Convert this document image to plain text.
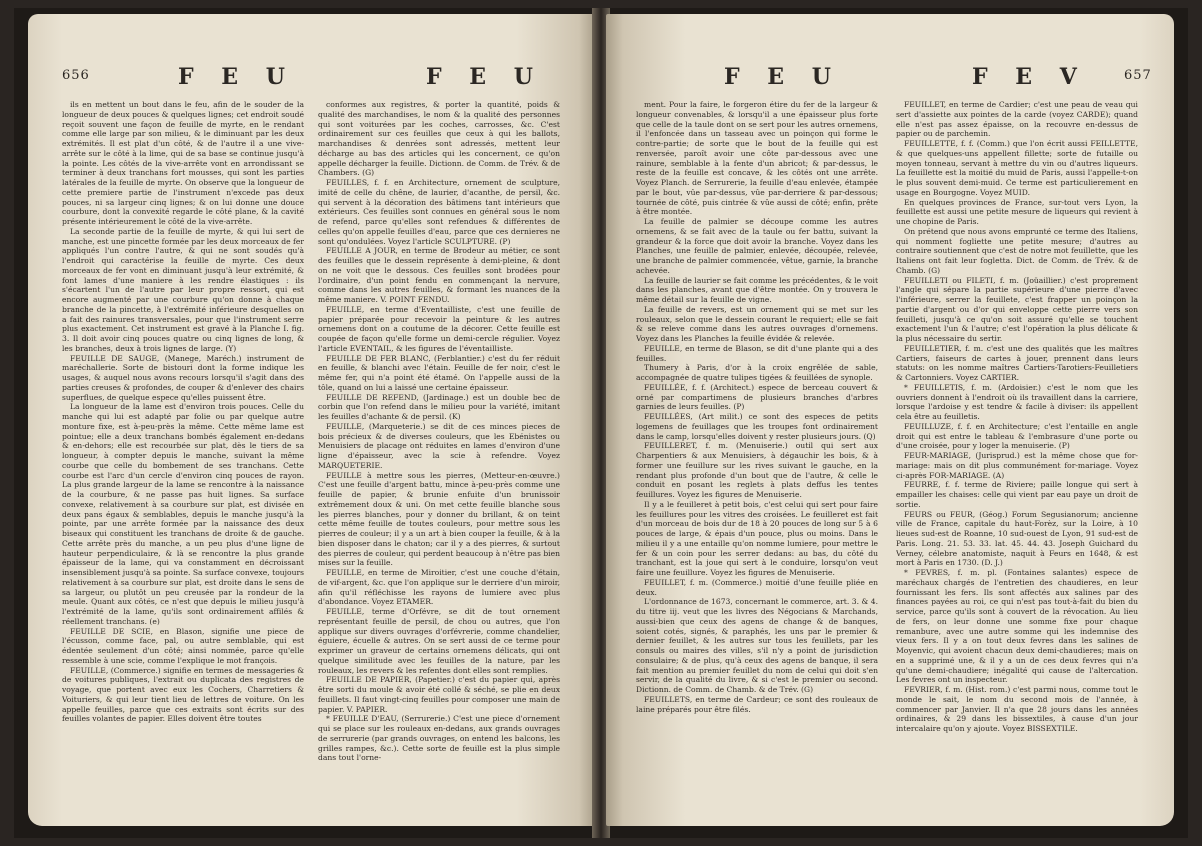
656	F E U	F E U

ils en mettent un bout dans le feu, afin de le souder de la longueur de deux pouces & quelques lignes; cet endroit soudé reçoit souvent une façon de feuille de myrte, en le rendant comme elle large par son milieu, & le diminuant par les deux extrémités. Il est plat d'un côté, & de l'autre il a une vive-arrête sur le côté à la lime, qui de sa base se continue jusqu'à la pointe. Les côtés de la vive-arrête vont en arrondissant se terminer à deux tranchans fort mousses, qui sont les parties latérales de la feuille de myrte. On observe que la longueur de cette premiere partie de l'instrument n'excede pas deux pouces, ni sa largeur cinq lignes; & on lui donne une douce courbure, dont la convexité regarde le côté plane, & la cavité présente intérieurement le côté de la vive-arrête.

La seconde partie de la feuille de myrte, & qui lui sert de manche, est une pincette formée par les deux morceaux de fer appliqués l'un contre l'autre, & qui ne sont soudés qu'à l'endroit qui caractérise la feuille de myrte. Ces deux morceaux de fer vont en diminuant jusqu'à leur extrémité, & font lames d'une maniere à les rendre élastiques : ils s'écartent l'un de l'autre par leur propre ressort, qui est encore augmenté par une courbure qu'on donne à chaque branche de la pincette, à l'extrémité inférieure desquelles on a fait des rainures transversales, pour que l'instrument serre plus exactement. Cet instrument est gravé à la Planche I. fig. 3. Il doit avoir cinq pouces quatre ou cinq lignes de long, & les branches, deux à trois lignes de large. (Y)

FEUILLE DE SAUGE, (Manege, Maréch.) instrument de maréchallerie. Sorte de bistouri dont la forme indique les usages, & auquel nous avons recours lorsqu'il s'agit dans des parties creuses & profondes, de couper & d'enlever des chairs superflues, de quelque espece qu'elles puissent être.

La longueur de la lame est d'environ trois pouces. Celle du manche qui lui est adapté par folie ou par quelque autre monture fixe, est à-peu-près la même. Cette même lame est pointue; elle a deux tranchans bombés également en-dedans & en-dehors; elle est recourbée sur plat, dès le tiers de sa longueur, à compter depuis le manche, suivant la même courbe que celle du bombement de ses tranchans. Cette courbe est l'arc d'un cercle d'environ cinq pouces de rayon. La plus grande largeur de la lame se rencontre à la naissance de la courbure, & ne passe pas huit lignes. Sa surface convexe, relativement à sa courbure sur plat, est divisée en deux pans égaux & semblables, depuis le manche jusqu'à la pointe, par une arrête formée par la naissance des deux biseaux qui constituent les tranchans de droite & de gauche. Cette arrête près du manche, a un peu plus d'une ligne de hauteur perpendiculaire, & là se rencontre la plus grande épaisseur de la lame, qui va constamment en décroissant insensiblement jusqu'à sa pointe. Sa surface convexe, toujours relativement à sa courbure sur plat, est droite dans le sens de sa largeur, ou plutôt un peu creusée par la rondeur de la meule. Quant aux côtés, ce n'est que depuis le milieu jusqu'à l'extrémité de la lame, qu'ils sont ordinairement affilés & réellement tranchans. (e)

FEUILLE DE SCIE, en Blason, signifie une piece de l'écusson, comme face, pal, ou autre semblable, qui est édentée seulement d'un côté; ainsi nommée, parce qu'elle ressemble à une scie, comme l'explique le mot françois.

FEUILLE, (Commerce.) signifie en termes de messageries & de voitures publiques, l'extrait ou duplicata des registres de voyage, que portent avec eux les Cochers, Charretiers & Voituriers, & qui leur tient lieu de lettres de voiture. On les appelle feuilles, parce que ces extraits sont écrits sur des feuilles volantes de papier. Elles doivent être toutes

conformes aux registres, & porter la quantité, poids & qualité des marchandises, le nom & la qualité des personnes qui sont voiturées par les coches, carrosses, &c. C'est ordinairement sur ces feuilles que ceux à qui les ballots, marchandises & denrées sont adressés, mettent leur décharge au bas des articles qui les concernent, ce qu'on appelle décharger la feuille. Dictionn. de Comm. de Trév. & de Chambers. (G)

FEUILLES, f. f. en Architecture, ornement de sculpture, imité de celle du chêne, de laurier, d'acanthe, de persil, &c. qui servent à la décoration des bâtimens tant intérieurs que extérieurs. Ces feuilles sont connues en général sous le nom de refend, parce qu'elles sont refendues & différentes de celles qu'on appelle feuilles d'eau, parce que ces dernieres ne sont qu'ondulées. Voyez l'article SCULPTURE. (P)

FEUILLE A JOUR, en terme de Brodeur au métier, ce sont des feuilles que le dessein représente à demi-pleine, & dont on ne voit que le dessous. Ces feuilles sont brodées pour l'ordinaire, d'un point fendu en commençant la nervure, comme dans les autres feuilles, & formant les nuances de la même maniere. V. POINT FENDU.

FEUILLE, en terme d'Eventailliste, c'est une feuille de papier préparée pour recevoir la peinture & les autres ornemens dont on a coutume de la décorer. Cette feuille est coupée de façon qu'elle forme un demi-cercle régulier. Voyez l'article EVENTAIL, & les figures de l'éventailliste.

FEUILLE DE FER BLANC, (Ferblantier.) c'est du fer réduit en feuille, & blanchi avec l'étain. Feuille de fer noir, c'est le même fer, qui n'a point été étamé. On l'appelle aussi de la tôle, quand on lui a laissé une certaine épaisseur.

FEUILLE DE REFEND, (Jardinage.) est un double bec de corbin que l'on refend dans le milieu pour la variété, imitant les feuilles d'achante & de persil. (K)

FEUILLE, (Marqueterie.) se dit de ces minces pieces de bois précieux & de diverses couleurs, que les Ebénistes ou Menuisiers de placage ont réduites en lames d'environ d'une ligne d'épaisseur, avec la scie à refendre. Voyez MARQUETERIE.

FEUILLE à mettre sous les pierres, (Metteur-en-œuvre.) C'est une feuille d'argent battu, mince à-peu-près comme une feuille de papier, & brunie enfuite d'un brunissoir extrêmement doux & uni. On met cette feuille blanche sous les pierres blanches, pour y donner du brillant, & on teint cette même feuille de toutes couleurs, pour mettre sous les pierres de couleur; il y a un art à bien couper la feuille, & à la bien disposer dans le chaton; car il y a des pierres, & surtout des pierres de couleur, qui perdent beaucoup à n'être pas bien mises sur la feuille.

FEUILLE, en terme de Miroitier, c'est une couche d'étain, de vif-argent, &c. que l'on applique sur le derriere d'un miroir, afin qu'il réfléchisse les rayons de lumiere avec plus d'abondance. Voyez ETAMER.

FEUILLE, terme d'Orfévre, se dit de tout ornement représentant feuille de persil, de chou ou autres, que l'on applique sur divers ouvrages d'orfévrerie, comme chandelier, éguiere, écuelle & autres. On se sert aussi de ce terme pour exprimer un graveur de certains ornemens délicats, qui ont quelque similitude avec les feuilles de la nature, par les rouleaux, les revers & les refentes dont elles sont remplies.

FEUILLE DE PAPIER, (Papetier.) c'est du papier qui, après être sorti du moule & avoir été collé & séché, se plie en deux feuillets. Il faut vingt-cinq feuilles pour composer une main de papier. V. PAPIER.

* FEUILLE D'EAU, (Serrurerie.) C'est une piece d'ornement qui se place sur les rouleaux en-dedans, aux grands ouvrages de serrurerie (par grands ouvrages, on entend les balcons, les grilles rampes, &c.). Cette sorte de feuille est la plus simple dans tout l'orne-

F E U	F E V	657

ment. Pour la faire, le forgeron étire du fer de la largeur & longueur convenables, & lorsqu'il a une épaisseur plus forte que celle de la taule dont on se sert pour les autres ornemens, il l'enfoncée dans un tasseau avec un poinçon qui forme le contre-partie; de sorte que le bout de la feuille qui est renversée, paroît avoir une côte par-dessous avec une rainure, semblable à la fente d'un abricot; & par-dessus, le reste de la feuille est concave, & les côtés ont une arrête. Voyez Planch. de Serrurerie, la feuille d'eau enlevée, étampée par le bout, vûe par-dessus, vûe par-derriere & par-dessous; tournée de côté, puis cintrée & vûe aussi de côté; enfin, prête à être montée.

La feuille de palmier se découpe comme les autres ornemens, & se fait avec de la taule ou fer battu, suivant la grandeur & la force que doit avoir la branche. Voyez dans les Planches, une feuille de palmier, enlevée, découpée, relevée, une branche de palmier commencée, vêtue, garnie, la branche achevée.

La feuille de laurier se fait comme les précédentes, & le voit dans les planches, avant que d'être montée. On y trouvera le même détail sur la feuille de vigne.

La feuille de revers, est un ornement qui se met sur les rouleaux, selon que le dessein courant le requiert; elle se fait & se releve comme dans les autres ouvrages d'ornemens. Voyez dans les Planches la feuille évidée & relevée.

FEUILLE, en terme de Blason, se dit d'une plante qui a des feuilles.

Thumery à Paris, d'or à la croix engrêlée de sable, accompagnée de quatre tulipes tigées & feuillées de synople.

FEUILLÉE, f. f. (Architect.) espece de berceau couvert & orné par compartimens de plusieurs branches d'arbres garnies de leurs feuilles. (P)

FEUILLÉES, (Art milit.) ce sont des especes de petits logemens de feuillages que les troupes font ordinairement dans le camp, lorsqu'elles doivent y rester plusieurs jours. (Q)

FEUILLERET, f. m. (Menuiserie.) outil qui sert aux Charpentiers & aux Menuisiers, à dégauchir les bois, & à former une feuillure sur les rives suivant le gauche, en la rendant plus profonde d'un bout que de l'autre, & celle le conduit en posant les reglets à plats deffus les tentes feuillures. Voyez les figures de Menuiserie.

Il y a le feuilleret à petit bois, c'est celui qui sert pour faire les feuillures pour les vitres des croisées. Le feuilleret est fait d'un morceau de bois dur de 18 à 20 pouces de long sur 5 à 6 pouces de large, & épais d'un pouce, plus ou moins. Dans le milieu il y a une entaille qu'on nomme lumiere, pour mettre le fer & un coin pour les serrer dedans: au bas, du côté du tranchant, est la joue qui sert à le conduire, lorsqu'on veut faire une feuillure. Voyez les figures de Menuiserie.

FEUILLET, f. m. (Commerce.) moitié d'une feuille pliée en deux.

L'ordonnance de 1673, concernant le commerce, art. 3. & 4. du titre iij. veut que les livres des Négocians & Marchands, aussi-bien que ceux des agens de change & de banques, soient cotés, signés, & paraphés, les uns par le premier & dernier feuillet, & les autres sur tous les feuillets, par les consuls ou maires des villes, s'il n'y a point de jurisdiction consulaire; & de plus, qu'à ceux des agens de banque, il sera fait mention au premier feuillet du nom de celui qui doit s'en servir, de la qualité du livre, & si c'est le premier ou second. Dictionn. de Comm. de Chamb. & de Trév. (G)

FEUILLETS, en terme de Cardeur; ce sont des rouleaux de laine préparés pour être filés.

FEUILLET, en terme de Cardier; c'est une peau de veau qui sert d'assiette aux pointes de la carde (voyez CARDE); quand elle n'est pas assez épaisse, on la recouvre en-dessus de papier ou de parchemin.

FEUILLETTE, f. f. (Comm.) que l'on écrit aussi FEILLETTE, & que quelques-uns appellent fillette; sorte de futaille ou moyen tonneau, servant à mettre du vin ou d'autres liqueurs. La feuillette est la moitié du muid de Paris, aussi l'appelle-t-on le plus souvent demi-muid. Ce terme est particulierement en usage en Bourgogne. Voyez MUID.

En quelques provinces de France, sur-tout vers Lyon, la feuillette est aussi une petite mesure de liqueurs qui revient à une chopine de Paris.

On prétend que nous avons emprunté ce terme des Italiens, qui nomment fogliette une petite mesure; d'autres au contraire soutiennent que c'est de notre mot feuillette, que les Italiens ont fait leur fogletta. Dict. de Comm. de Trév. & de Chamb. (G)

FEUILLETI ou FILETI, f. m. (Joüaillier.) c'est proprement l'angle qui sépare la partie supérieure d'une pierre d'avec l'inférieure, serrer la feuillete, c'est frapper un poinçon la partie d'argent ou d'or qui enveloppe cette pierre vers son feuilleti, jusqu'à ce qu'on soit assuré qu'elle se touchent exactement l'un & l'autre; c'est l'opération la plus délicate & la plus nécessaire du sertir.

FEUILLETIER, f. m. c'est une des qualités que les maîtres Cartiers, faiseurs de cartes à jouer, prennent dans leurs statuts: on les nomme maîtres Cartiers-Tarotiers-Feuilletiers & Cartonniers. Voyez CARTIER.

* FEUILLETIS, f. m. (Ardoisier.) c'est le nom que les ouvriers donnent à l'endroit où ils travaillent dans la carriere, lorsque l'ardoise y est tendre & facile à diviser: ils appellent cela être au feuilletis.

FEUILLUZE, f. f. en Architecture; c'est l'entaille en angle droit qui est entre le tableau & l'embrasure d'une porte ou d'une croisée, pour y loger la menuiserie. (P)

FEUR-MARIAGE, (Jurisprud.) est la même chose que for-mariage: mais on dit plus communément for-mariage. Voyez ci-après FOR-MARIAGE. (A)

FEURRE, f. f. terme de Riviere; paille longue qui sert à empailler les chaises: celle qui vient par eau paye un droit de sortie.

FEURS ou FEUR, (Géog.) Forum Segusianorum; ancienne ville de France, capitale du haut-Forèz, sur la Loire, à 10 lieues sud-est de Roanne, 10 sud-ouest de Lyon, 91 sud-est de Paris. Long. 21. 53. 33. lat. 45. 44. 43. Joseph Guichard du Verney, célebre anatomiste, naquit à Feurs en 1648, & est mort à Paris en 1730. (D. J.)

* FEVRES, f. m. pl. (Fontaines salantes) espece de maréchaux chargés de l'entretien des chaudieres, en leur fournissant les fers. Ils sont affectés aux salines par des finances payées au roi, ce qui n'est pas tout-à-fait du bien du service, parce qu'ils sont à couvert de la révocation. Au lieu de fers, on leur donne une somme fixe pour chaque remanbure, avec une autre somme qui les indemnise des vieux fers. Il y a on tout deux fevres dans les salines de Moyenvic, qui avoient chacun deux demi-chaudieres; mais on en a supprimé une, & il y a un de ces deux fevres qui n'a qu'une demi-chaudiere; inégalité qui cause de l'altercation. Les fevres ont un inspecteur.

FEVRIER, f. m. (Hist. rom.) c'est parmi nous, comme tout le monde le sait, le nom du second mois de l'année, à commencer par Janvier. Il n'a que 28 jours dans les années ordinaires, & 29 dans les bissextiles, à cause d'un jour intercalaire qu'on y ajoute. Voyez BISSEXTILE.
